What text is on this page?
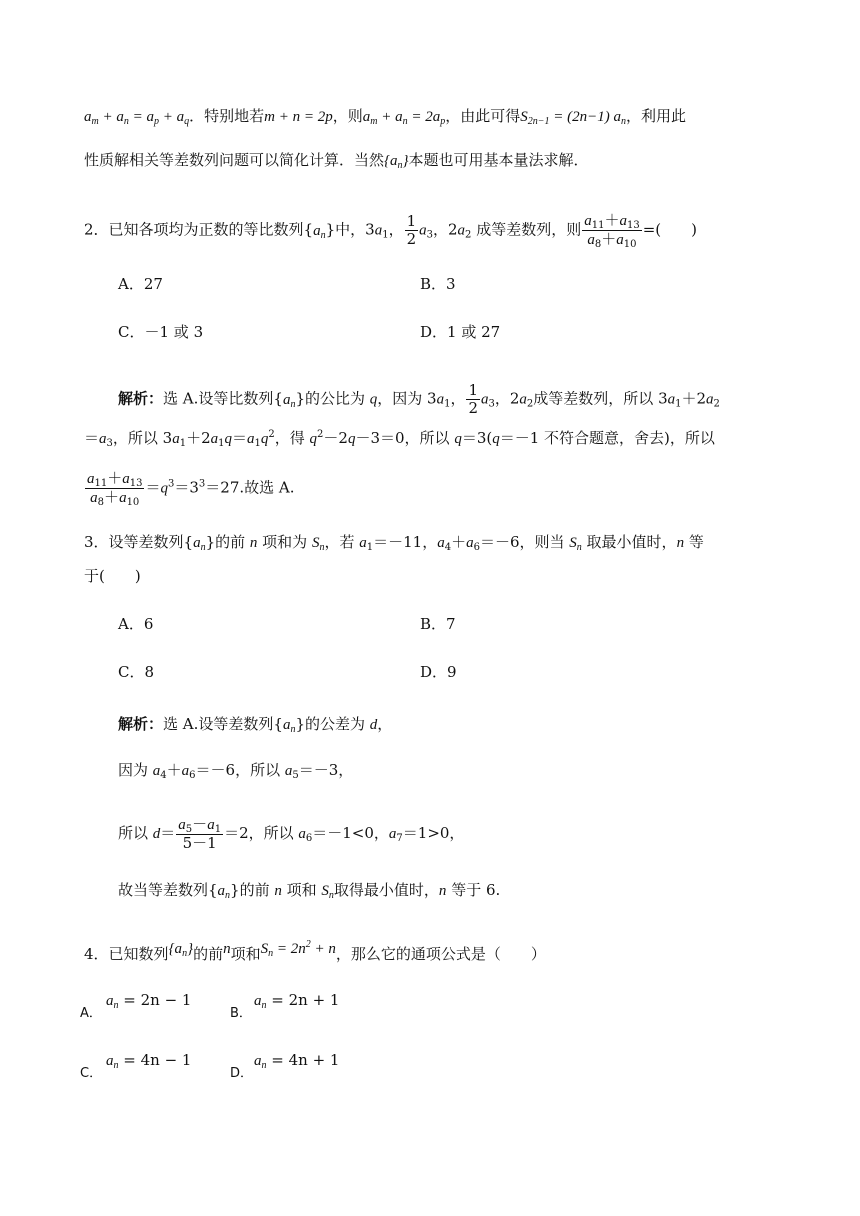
$a_m + a_n = a_p + a_q$．特别地若m + n = 2p，则$a_m + a_n = 2a_p$，由此可得$S_{2n-1} = (2n-1)$ $a_n$，利用此
性质解相关等差数列问题可以简化计算．当然$\{a_n\}$本题也可用基本量法求解．
2．已知各项均为正数的等比数列$\{a_n\}$中，$3a_1$， $\frac{1}{2} a_3$，$2a_2$ 成等差数列，则 $\frac{a_{11}+a_{13}}{a_8+a_{10}}$ =(　　)
A．27	B．3
C．－1 或 3	D．1 或 27
解析：选 A.设等比数列$\{a_n\}$的公比为 q，因为 $3a_1$， $\frac{1}{2} a_3$，$2a_2$成等差数列，所以 $3a_1+2a_2$
$=a_3$，所以 $3a_1+2a_1q=a_1q^2$，得 $q^2-2q-3=0$，所以 q＝3(q＝－1 不符合题意，舍去)，所以
$\frac{a_{11}+a_{13}}{a_8+a_{10}} =q^3=3^3=27$.故选 A.
3．设等差数列$\{a_n\}$的前 n 项和为 $S_n$，若 $a_1=-11$，$a_4+a_6=-6$，则当 $S_n$ 取最小值时，n 等
于(　　)
A．6	B．7
C．8	D．9
解析：选 A.设等差数列$\{a_n\}$的公差为 d，
因为 $a_4+a_6=-6$，所以 $a_5=-3$，
所以 $d= \frac{a_5-a_1}{5-1} =2$，所以 $a_6=-1<0$，$a_7=1>0$，
故当等差数列$\{a_n\}$的前 n 项和 $S_n$取得最小值时，n 等于 6.
4．已知数列$\{a_n\}$的前n项和$S_n = 2n^2 + n$，那么它的通项公式是（　　）
A．
$a_n = 2n - 1$
B．
$a_n = 2n + 1$
C．
$a_n = 4n - 1$
D．
$a_n = 4n + 1$
